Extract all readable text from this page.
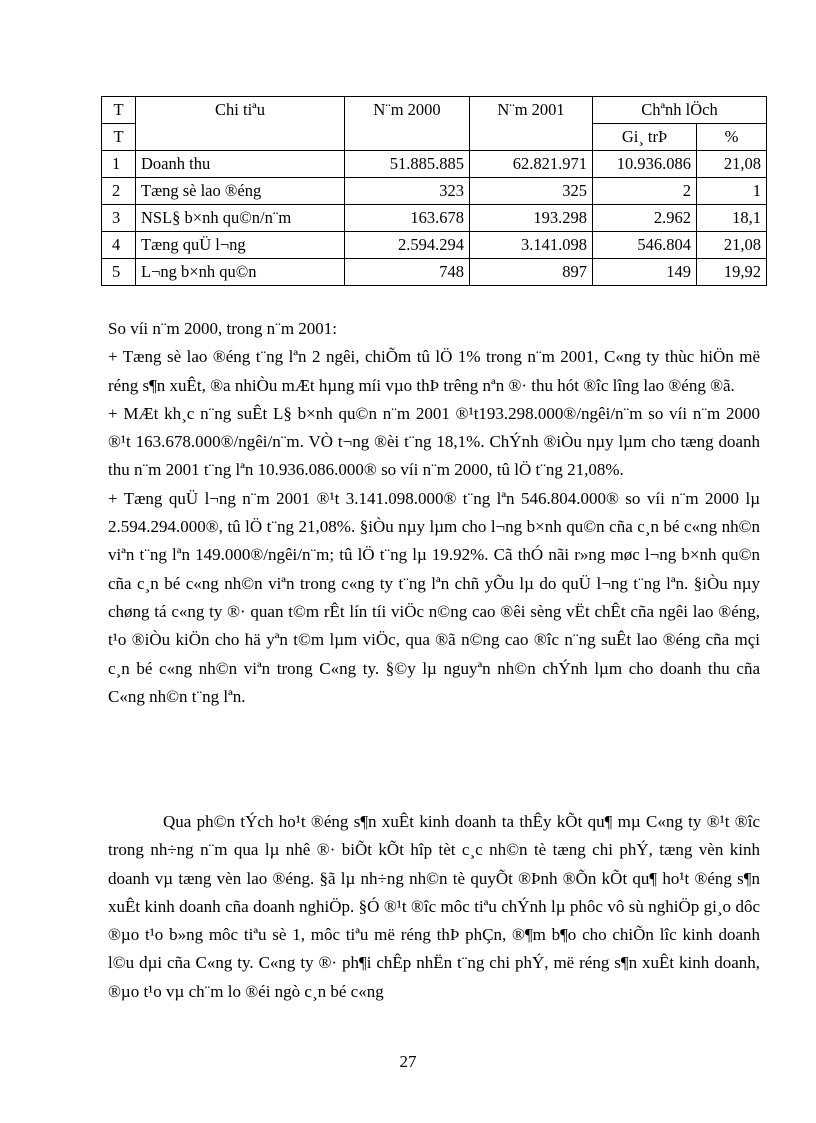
T	Chi tiªu	N¨m 2000	N¨m 2001	Chªnh lÖch	
T				Gi¸ trÞ	%
1	Doanh thu	51.885.885	62.821.971	10.936.086	21,08
2	Tæng sè lao ®éng	323	325	2	1
3	NSL§ b×nh qu©n/n¨m	163.678	193.298	2.962	18,1
4	Tæng quÜ l¬ng	2.594.294	3.141.098	546.804	21,08
5	L¬ng b×nh qu©n	748	897	149	19,92

So víi n¨m 2000, trong n¨m 2001:

+ Tæng sè lao ®éng t¨ng lªn 2 ngêi, chiÕm tû lÖ 1% trong n¨m 2001, C«ng ty thùc hiÖn më réng s¶n xuÊt, ®a nhiÒu mÆt hµng míi vµo thÞ trêng nªn ®· thu hót ®îc lîng lao ®éng ®ã.

+ MÆt kh¸c n¨ng suÊt L§ b×nh qu©n n¨m 2001 ®¹t193.298.000®/ngêi/n¨m so víi n¨m 2000 ®¹t 163.678.000®/ngêi/n¨m. VÒ t¬ng ®èi t¨ng 18,1%. ChÝnh ®iÒu nµy lµm cho tæng doanh thu n¨m 2001 t¨ng lªn 10.936.086.000® so víi n¨m 2000, tû lÖ t¨ng 21,08%.

+ Tæng quÜ l¬ng n¨m 2001 ®¹t 3.141.098.000® t¨ng lªn 546.804.000® so víi n¨m 2000 lµ 2.594.294.000®, tû lÖ t¨ng 21,08%. §iÒu nµy lµm cho l¬ng b×nh qu©n cña c¸n bé c«ng nh©n viªn t¨ng lªn 149.000®/ngêi/n¨m; tû lÖ t¨ng lµ 19.92%. Cã thÓ nãi r»ng møc l¬ng b×nh qu©n cña c¸n bé c«ng nh©n viªn trong c«ng ty t¨ng lªn chñ yÕu lµ do quÜ l¬ng t¨ng lªn. §iÒu nµy chøng tá c«ng ty ®· quan t©m rÊt lín tíi viÖc n©ng cao ®êi sèng vËt chÊt cña ngêi lao ®éng, t¹o ®iÒu kiÖn cho hä yªn t©m lµm viÖc, qua ®ã n©ng cao ®îc n¨ng suÊt lao ®éng cña mçi c¸n bé c«ng nh©n viªn trong C«ng ty. §©y lµ nguyªn nh©n chÝnh lµm cho doanh thu cña C«ng nh©n t¨ng lªn.

Qua ph©n tÝch ho¹t ®éng s¶n xuÊt kinh doanh ta thÊy kÕt qu¶ mµ C«ng ty ®¹t ®îc trong nh÷ng n¨m qua lµ nhê ®· biÕt kÕt hîp tèt c¸c nh©n tè tæng chi phÝ, tæng vèn kinh doanh vµ tæng vèn lao ®éng. §ã lµ nh÷ng nh©n tè quyÕt ®Þnh ®Õn kÕt qu¶ ho¹t ®éng s¶n xuÊt kinh doanh cña doanh nghiÖp. §Ó ®¹t ®îc môc tiªu chÝnh lµ phôc vô sù nghiÖp gi¸o dôc ®µo t¹o b»ng môc tiªu sè 1, môc tiªu më réng thÞ phÇn, ®¶m b¶o cho chiÕn lîc kinh doanh l©u dµi cña C«ng ty. C«ng ty ®· ph¶i chÊp nhËn t¨ng chi phÝ, më réng s¶n xuÊt kinh doanh, ®µo t¹o vµ ch¨m lo ®éi ngò c¸n bé c«ng

27
